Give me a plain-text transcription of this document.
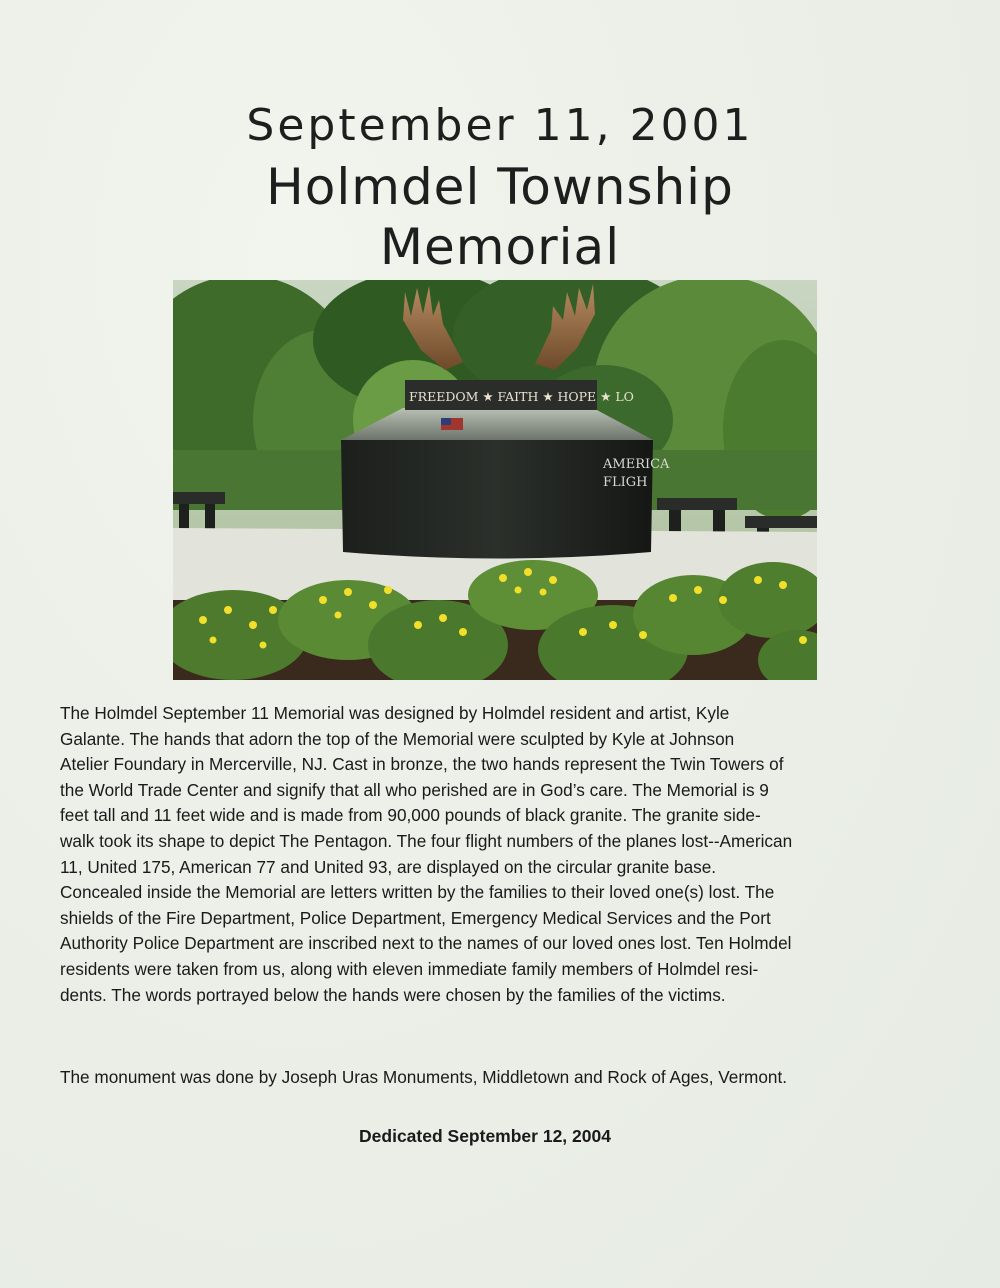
September 11, 2001
Holmdel Township
Memorial
FREEDOM ★ FAITH ★ HOPE ★ LO
AMERICA
FLIGH
The Holmdel September 11 Memorial was designed by Holmdel resident and artist, Kyle
Galante. The hands that adorn the top of the Memorial were sculpted by Kyle at Johnson
Atelier Foundary in Mercerville, NJ. Cast in bronze, the two hands represent the Twin Towers of
the World Trade Center and signify that all who perished are in God’s care. The Memorial is 9
feet tall and 11 feet wide and is made from 90,000 pounds of black granite. The granite side-
walk took its shape to depict The Pentagon. The four flight numbers of the planes lost--American
11, United 175, American 77 and United 93, are displayed on the circular granite base.
Concealed inside the Memorial are letters written by the families to their loved one(s) lost. The
shields of the Fire Department, Police Department, Emergency Medical Services and the Port
Authority Police Department are inscribed next to the names of our loved ones lost. Ten Holmdel
residents were taken from us, along with eleven immediate family members of Holmdel resi-
dents. The words portrayed below the hands were chosen by the families of the victims.
The monument was done by Joseph Uras Monuments, Middletown and Rock of Ages, Vermont.
Dedicated September 12, 2004
